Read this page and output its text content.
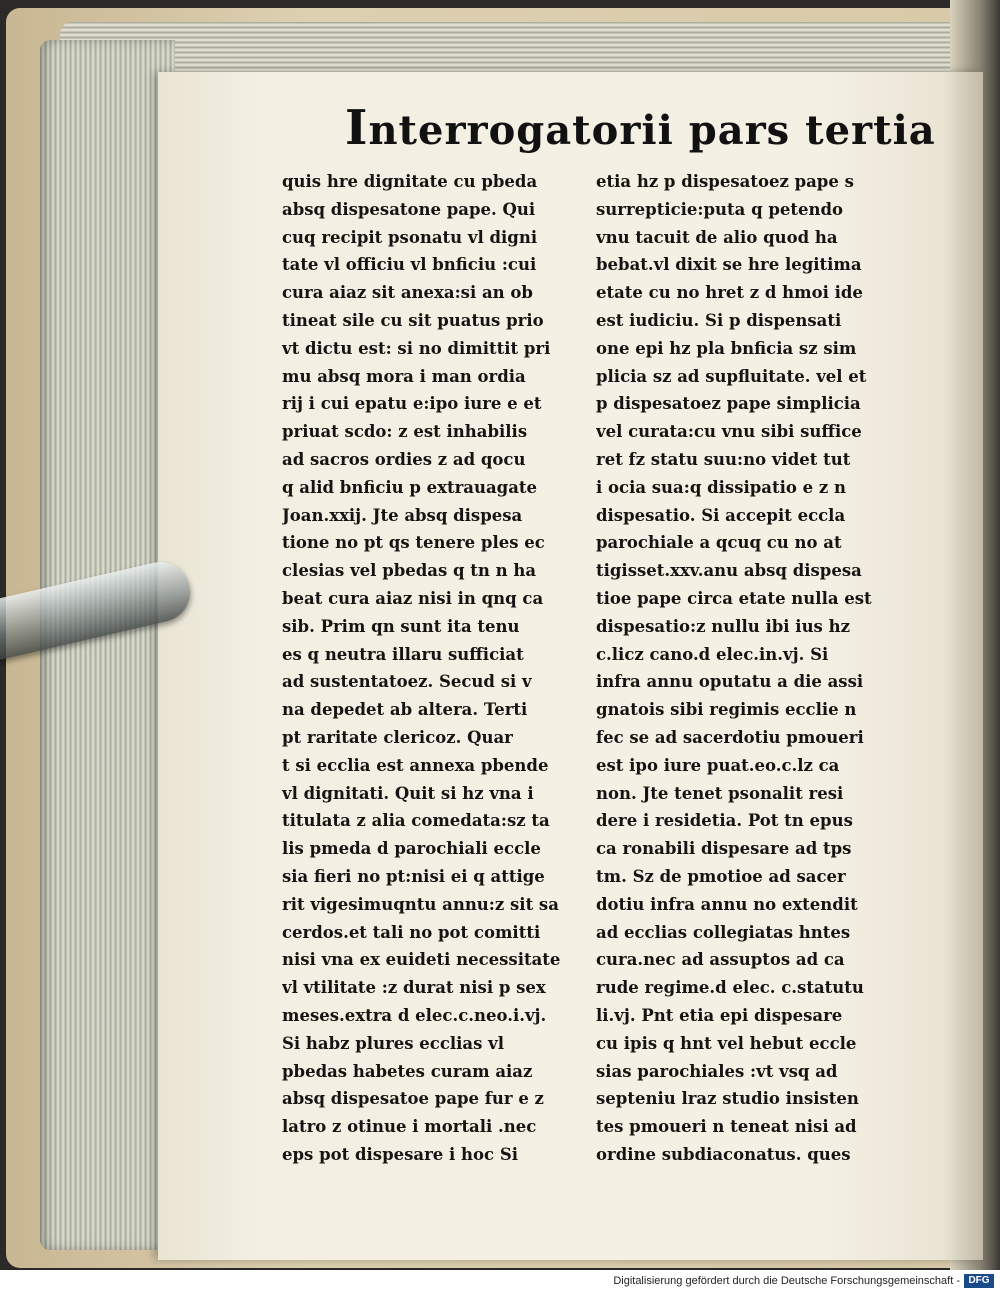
Interrogatorii pars tertia
quis hre dignitate cu pbeda
absq dispesatone pape. Qui
cuq recipit psonatu vl digni
tate vl officiu vl bnficiu :cui
cura aiaz sit anexa:si an ob
tineat sile cu sit puatus prio
vt dictu est: si no dimittit pri
mu absq mora i man ordia
rij i cui epatu e:ipo iure e et
priuat scdo: z est inhabilis
ad sacros ordies z ad qocu
q alid bnficiu p extrauagate
Joan.xxij. Jte absq dispesa
tione no pt qs tenere ples ec
clesias vel pbedas q tn n ha
beat cura aiaz nisi in qnq ca
sib. Prim qn sunt ita tenu
es q neutra illaru sufficiat
ad sustentatoez. Secud si v
na depedet ab altera. Terti
pt raritate clericoz. Quar
t si ecclia est annexa pbende
vl dignitati. Quit si hz vna i
titulata z alia comedata:sz ta
lis pmeda d parochiali eccle
sia fieri no pt:nisi ei q attige
rit vigesimuqntu annu:z sit sa
cerdos.et tali no pot comitti
nisi vna ex euideti necessitate
vl vtilitate :z durat nisi p sex
meses.extra d elec.c.neo.i.vj.
Si habz plures ecclias vl
pbedas habetes curam aiaz
absq dispesatoe pape fur e z
latro z otinue i mortali .nec
eps pot dispesare i hoc Si
etia hz p dispesatoez pape s
surrepticie:puta q petendo
vnu tacuit de alio quod ha
bebat.vl dixit se hre legitima
etate cu no hret z d hmoi ide
est iudiciu. Si p dispensati
one epi hz pla bnficia sz sim
plicia sz ad supfluitate. vel et
p dispesatoez pape simplicia
vel curata:cu vnu sibi suffice
ret fz statu suu:no videt tut
i ocia sua:q dissipatio e z n
dispesatio. Si accepit eccla
parochiale a qcuq cu no at
tigisset.xxv.anu absq dispesa
tioe pape circa etate nulla est
dispesatio:z nullu ibi ius hz
c.licz cano.d elec.in.vj. Si
infra annu oputatu a die assi
gnatois sibi regimis ecclie n
fec se ad sacerdotiu pmoueri
est ipo iure puat.eo.c.lz ca
non. Jte tenet psonalit resi
dere i residetia. Pot tn epus
ca ronabili dispesare ad tps
tm. Sz de pmotioe ad sacer
dotiu infra annu no extendit
ad ecclias collegiatas hntes
cura.nec ad assuptos ad ca
rude regime.d elec. c.statutu
li.vj. Pnt etia epi dispesare
cu ipis q hnt vel hebut eccle
sias parochiales :vt vsq ad
septeniu lraz studio insisten
tes pmoueri n teneat nisi ad
ordine subdiaconatus. ques
Digitalisierung gefördert durch die Deutsche Forschungsgemeinschaft - DFG
